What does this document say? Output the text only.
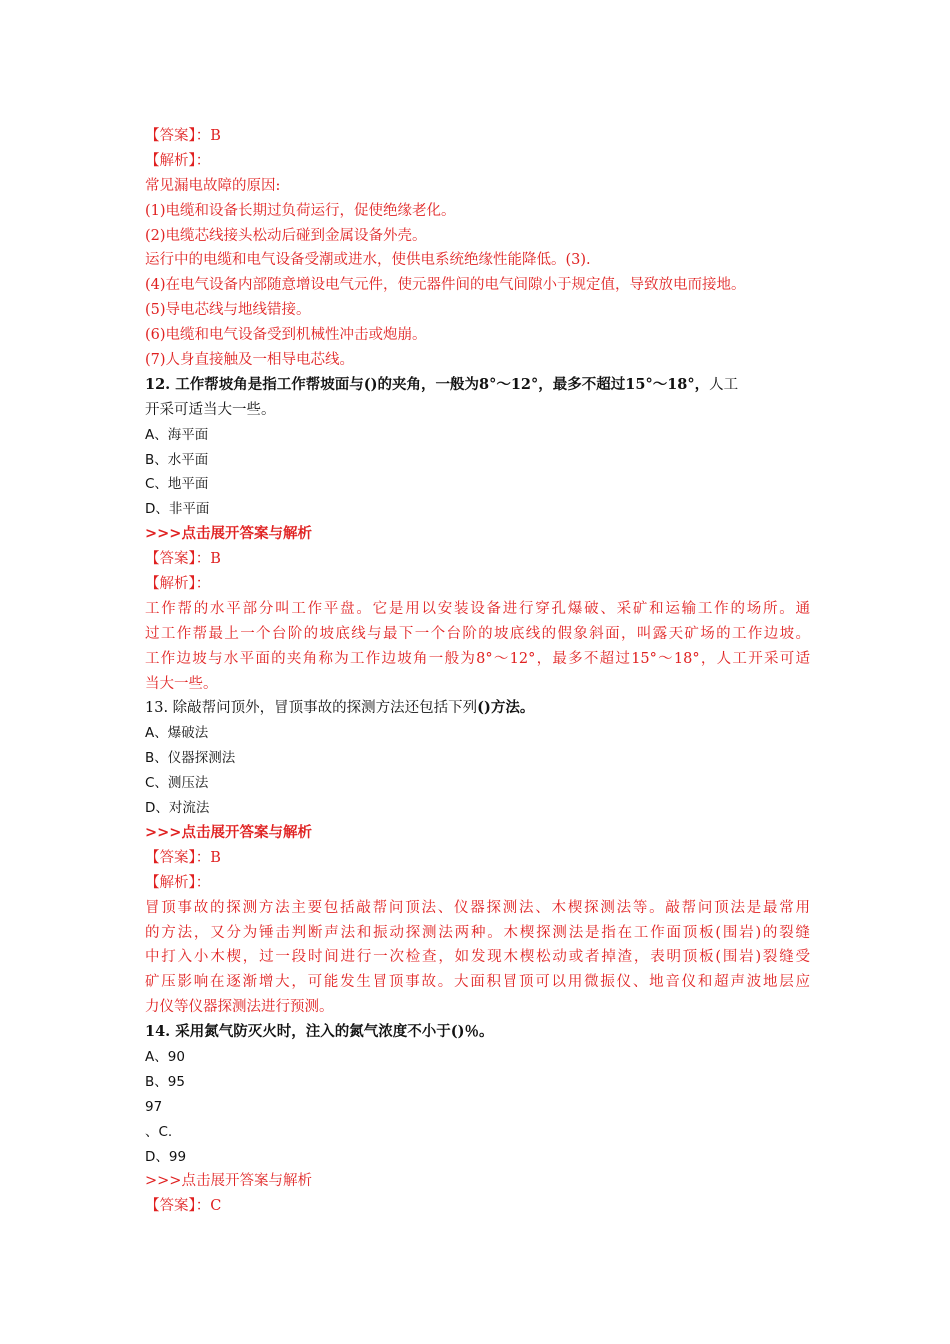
【答案】：B
【解析】：
常见漏电故障的原因:
(1)电缆和设备长期过负荷运行，促使绝缘老化。
(2)电缆芯线接头松动后碰到金属设备外壳。
运行中的电缆和电气设备受潮或进水，使供电系统绝缘性能降低。(3).
(4)在电气设备内部随意增设电气元件，使元器件间的电气间隙小于规定值，导致放电而接地。
(5)导电芯线与地线错接。
(6)电缆和电气设备受到机械性冲击或炮崩。
(7)人身直接触及一相导电芯线。
12. 工作帮坡角是指工作帮坡面与()的夹角，一般为8°～12°，最多不超过15°～18°，人工
开采可适当大一些。
A、海平面
B、水平面
C、地平面
D、非平面
>>>点击展开答案与解析
【答案】：B
【解析】：
工作帮的水平部分叫工作平盘。它是用以安装设备进行穿孔爆破、采矿和运输工作的场所。通
过工作帮最上一个台阶的坡底线与最下一个台阶的坡底线的假象斜面，叫露天矿场的工作边坡。
工作边坡与水平面的夹角称为工作边坡角一般为8°～12°，最多不超过15°～18°，人工开采可适
当大一些。
13. 除敲帮问顶外，冒顶事故的探测方法还包括下列()方法。
A、爆破法
B、仪器探测法
C、测压法
D、对流法
>>>点击展开答案与解析
【答案】：B
【解析】：
冒顶事故的探测方法主要包括敲帮问顶法、仪器探测法、木楔探测法等。敲帮问顶法是最常用
的方法，又分为锤击判断声法和振动探测法两种。木楔探测法是指在工作面顶板(围岩)的裂缝
中打入小木楔，过一段时间进行一次检查，如发现木楔松动或者掉渣，表明顶板(围岩)裂缝受
矿压影响在逐渐增大，可能发生冒顶事故。大面积冒顶可以用微振仪、地音仪和超声波地层应
力仪等仪器探测法进行预测。
14. 采用氮气防灭火时，注入的氮气浓度不小于()％。
A、90
B、95
97
、C.
D、99
>>>点击展开答案与解析
【答案】：C
